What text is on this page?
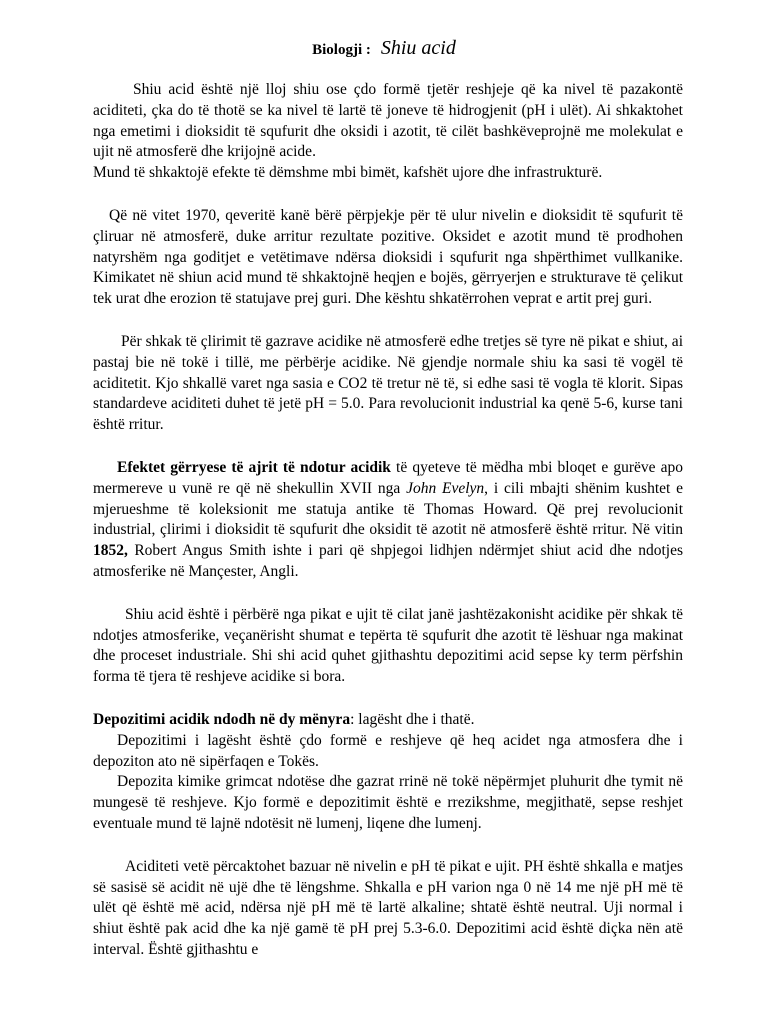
Biologji : Shiu acid

Shiu acid është një lloj shiu ose çdo formë tjetër reshjeje që ka nivel të pazakontë aciditeti, çka do të thotë se ka nivel të lartë të joneve të hidrogjenit (pH i ulët). Ai shkaktohet nga emetimi i dioksidit të squfurit dhe oksidi i azotit, të cilët bashkëveprojnë me molekulat e ujit në atmosferë dhe krijojnë acide.

Mund të shkaktojë efekte të dëmshme mbi bimët, kafshët ujore dhe infrastrukturë.

Që në vitet 1970, qeveritë kanë bërë përpjekje për të ulur nivelin e dioksidit të squfurit të çliruar në atmosferë, duke arritur rezultate pozitive. Oksidet e azotit mund të prodhohen natyrshëm nga goditjet e vetëtimave ndërsa dioksidi i squfurit nga shpërthimet vullkanike. Kimikatet në shiun acid mund të shkaktojnë heqjen e bojës, gërryerjen e strukturave të çelikut tek urat dhe erozion të statujave prej guri. Dhe kështu shkatërrohen veprat e artit prej guri.

Për shkak të çlirimit të gazrave acidike në atmosferë edhe tretjes së tyre në pikat e shiut, ai pastaj bie në tokë i tillë, me përbërje acidike. Në gjendje normale shiu ka sasi të vogël të aciditetit. Kjo shkallë varet nga sasia e CO2 të tretur në të, si edhe sasi të vogla të klorit. Sipas standardeve aciditeti duhet të jetë pH = 5.0. Para revolucionit industrial ka qenë 5-6, kurse tani është rritur.

Efektet gërryese të ajrit të ndotur acidik të qyeteve të mëdha mbi bloqet e gurëve apo mermereve u vunë re që në shekullin XVII nga John Evelyn, i cili mbajti shënim kushtet e mjerueshme të koleksionit me statuja antike të Thomas Howard. Që prej revolucionit industrial, çlirimi i dioksidit të squfurit dhe oksidit të azotit në atmosferë është rritur. Në vitin 1852, Robert Angus Smith ishte i pari që shpjegoi lidhjen ndërmjet shiut acid dhe ndotjes atmosferike në Mançester, Angli.

Shiu acid është i përbërë nga pikat e ujit të cilat janë jashtëzakonisht acidike për shkak të ndotjes atmosferike, veçanërisht shumat e tepërta të squfurit dhe azotit të lëshuar nga makinat dhe proceset industriale. Shi shi acid quhet gjithashtu depozitimi acid sepse ky term përfshin forma të tjera të reshjeve acidike si bora.

Depozitimi acidik ndodh në dy mënyra: lagësht dhe i thatë.

Depozitimi i lagësht është çdo formë e reshjeve që heq acidet nga atmosfera dhe i depoziton ato në sipërfaqen e Tokës.

Depozita kimike grimcat ndotëse dhe gazrat rrinë në tokë nëpërmjet pluhurit dhe tymit në mungesë të reshjeve. Kjo formë e depozitimit është e rrezikshme, megjithatë, sepse reshjet eventuale mund të lajnë ndotësit në lumenj, liqene dhe lumenj.

Aciditeti vetë përcaktohet bazuar në nivelin e pH të pikat e ujit. PH është shkalla e matjes së sasisë së acidit në ujë dhe të lëngshme. Shkalla e pH varion nga 0 në 14 me një pH më të ulët që është më acid, ndërsa një pH më të lartë alkaline; shtatë është neutral. Uji normal i shiut është pak acid dhe ka një gamë të pH prej 5.3-6.0. Depozitimi acid është diçka nën atë interval. Është gjithashtu e
